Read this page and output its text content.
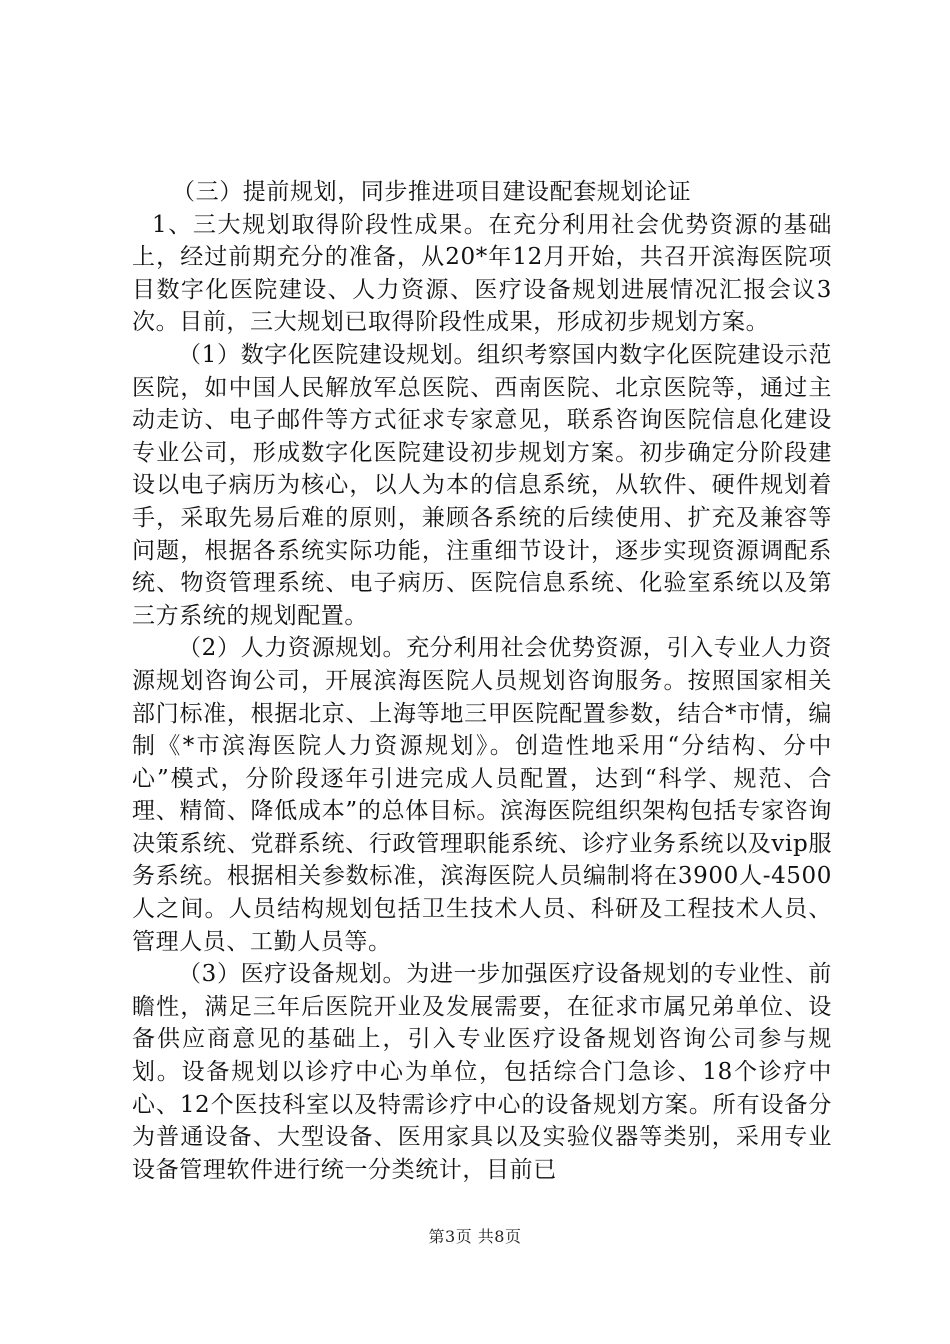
（三）提前规划，同步推进项目建设配套规划论证

1、三大规划取得阶段性成果。在充分利用社会优势资源的基础上，经过前期充分的准备，从20*年12月开始，共召开滨海医院项目数字化医院建设、人力资源、医疗设备规划进展情况汇报会议3次。目前，三大规划已取得阶段性成果，形成初步规划方案。

（1）数字化医院建设规划。组织考察国内数字化医院建设示范医院，如中国人民解放军总医院、西南医院、北京医院等，通过主动走访、电子邮件等方式征求专家意见，联系咨询医院信息化建设专业公司，形成数字化医院建设初步规划方案。初步确定分阶段建设以电子病历为核心，以人为本的信息系统，从软件、硬件规划着手，采取先易后难的原则，兼顾各系统的后续使用、扩充及兼容等问题，根据各系统实际功能，注重细节设计，逐步实现资源调配系统、物资管理系统、电子病历、医院信息系统、化验室系统以及第三方系统的规划配置。

（2）人力资源规划。充分利用社会优势资源，引入专业人力资源规划咨询公司，开展滨海医院人员规划咨询服务。按照国家相关部门标准，根据北京、上海等地三甲医院配置参数，结合*市情，编制《*市滨海医院人力资源规划》。创造性地采用“分结构、分中心”模式，分阶段逐年引进完成人员配置，达到“科学、规范、合理、精简、降低成本”的总体目标。滨海医院组织架构包括专家咨询决策系统、党群系统、行政管理职能系统、诊疗业务系统以及vip服务系统。根据相关参数标准，滨海医院人员编制将在3900人-4500人之间。人员结构规划包括卫生技术人员、科研及工程技术人员、管理人员、工勤人员等。

（3）医疗设备规划。为进一步加强医疗设备规划的专业性、前瞻性，满足三年后医院开业及发展需要，在征求市属兄弟单位、设备供应商意见的基础上，引入专业医疗设备规划咨询公司参与规划。设备规划以诊疗中心为单位，包括综合门急诊、18个诊疗中心、12个医技科室以及特需诊疗中心的设备规划方案。所有设备分为普通设备、大型设备、医用家具以及实验仪器等类别，采用专业设备管理软件进行统一分类统计，目前已

第3页 共8页
